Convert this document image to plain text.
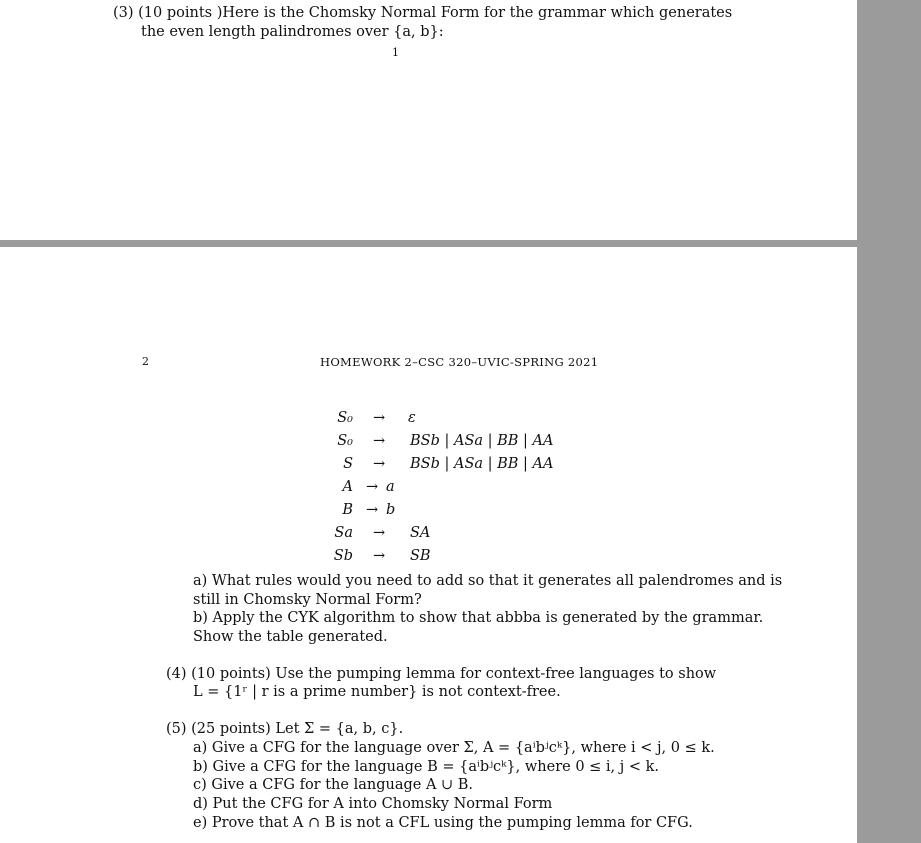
(3) (10 points )Here is the Chomsky Normal Form for the grammar which generates
the even length palindromes over {a, b}:
1
2	HOMEWORK 2–CSC 320–UVIC-SPRING 2021
S₀ → ε
S₀ → BSb | ASa | BB | AA
S → BSb | ASa | BB | AA
A → a
B → b
Sa → SA
Sb → SB
a) What rules would you need to add so that it generates all palendromes and is
still in Chomsky Normal Form?
b) Apply the CYK algorithm to show that abbba is generated by the grammar.
Show the table generated.
(4) (10 points) Use the pumping lemma for context-free languages to show
L = {1ʳ | r is a prime number} is not context-free.
(5) (25 points) Let Σ = {a, b, c}.
a) Give a CFG for the language over Σ, A = {aⁱbʲcᵏ}, where i < j, 0 ≤ k.
b) Give a CFG for the language B = {aⁱbʲcᵏ}, where 0 ≤ i, j < k.
c) Give a CFG for the language A ∪ B.
d) Put the CFG for A into Chomsky Normal Form
e) Prove that A ∩ B is not a CFL using the pumping lemma for CFG.
